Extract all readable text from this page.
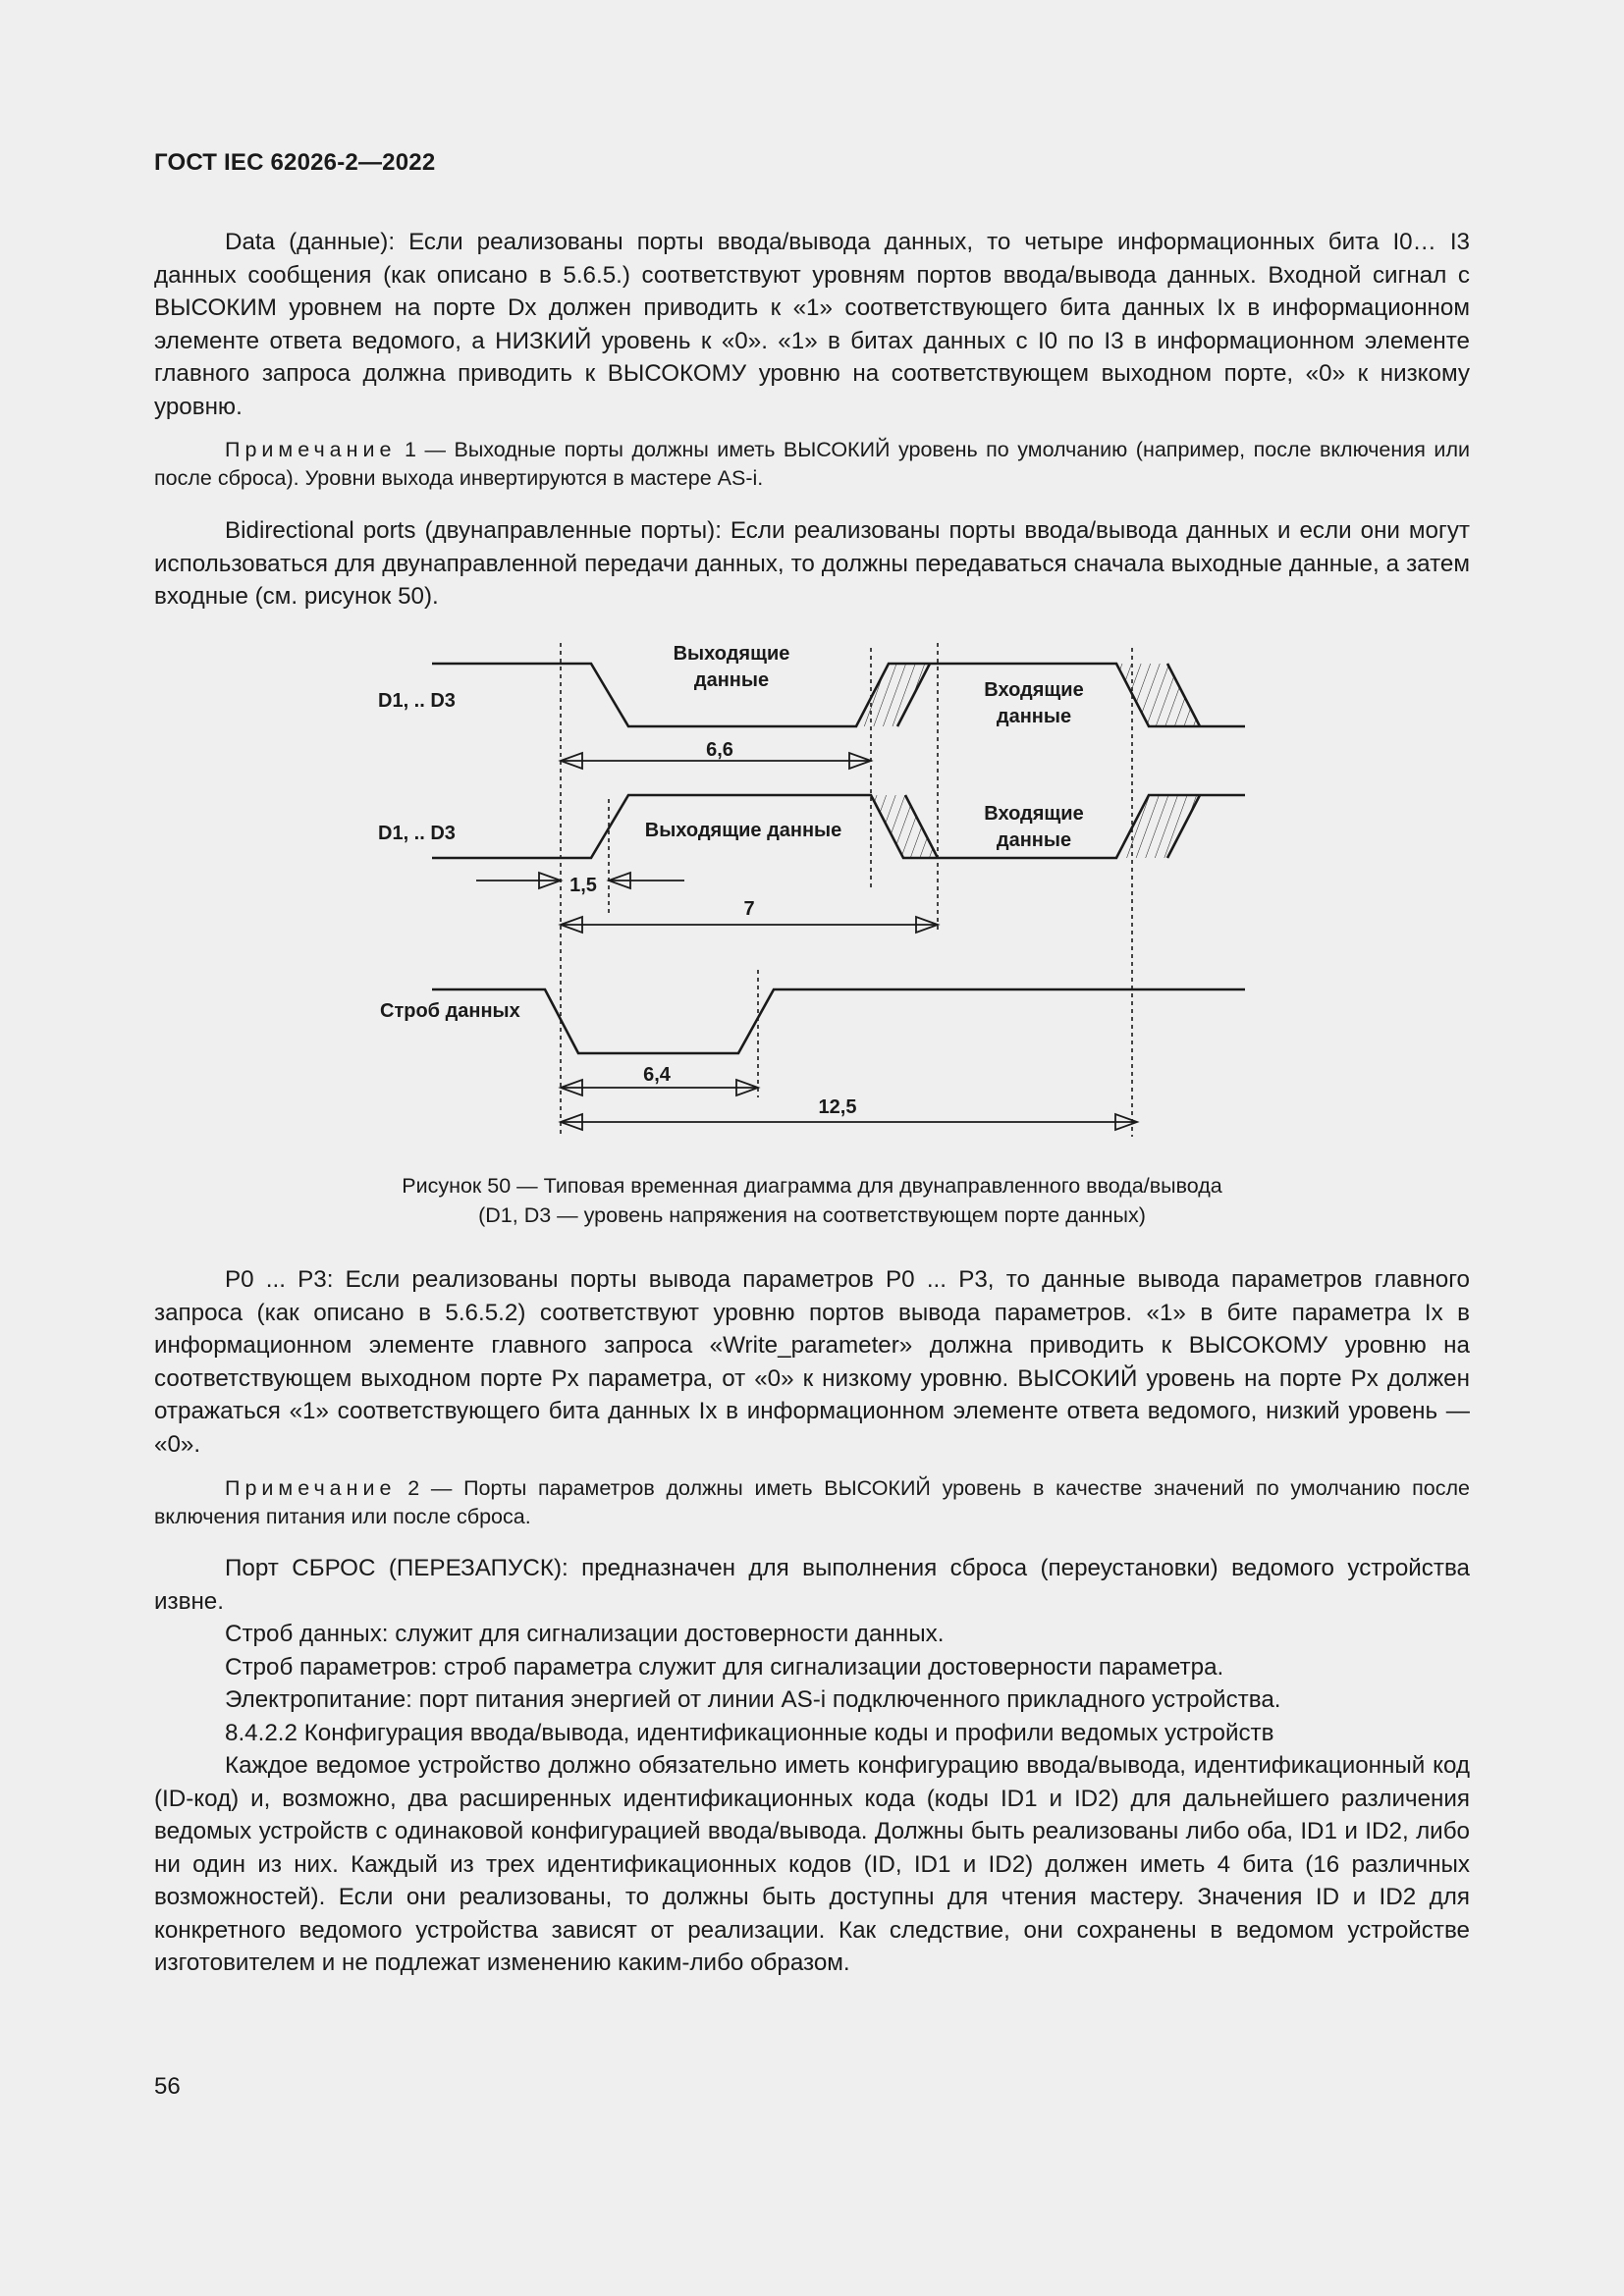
ГОСТ IEC 62026-2—2022

Data (данные): Если реализованы порты ввода/вывода данных, то четыре информационных бита I0… I3 данных сообщения (как описано в 5.6.5.) соответствуют уровням портов ввода/вывода данных. Входной сигнал с ВЫСОКИМ уровнем на порте Dx должен приводить к «1» соответствующего бита данных Ix в информационном элементе ответа ведомого, а НИЗКИЙ уровень к «0». «1» в битах данных с I0 по I3 в информационном элементе главного запроса должна приводить к ВЫСОКОМУ уровню на соответствующем выходном порте, «0» к низкому уровню.

Примечание 1 — Выходные порты должны иметь ВЫСОКИЙ уровень по умолчанию (например, после включения или после сброса). Уровни выхода инвертируются в мастере AS-i.

Bidirectional ports (двунаправленные порты): Если реализованы порты ввода/вывода данных и если они могут использоваться для двунаправленной передачи данных, то должны передаваться сначала выходные данные, а затем входные (см. рисунок 50).

D1, .. D3
Выходящие
данные	Входящие
данные
6,6
D1, .. D3	Выходящие данные
Входящие
данные
1,5
7
Строб данных
6,4
12,5
Рисунок 50 — Типовая временная диаграмма для двунаправленного ввода/вывода
(D1, D3 — уровень напряжения на соответствующем порте данных)

P0 ... P3: Если реализованы порты вывода параметров P0 ... P3, то данные вывода параметров главного запроса (как описано в 5.6.5.2) соответствуют уровню портов вывода параметров. «1» в бите параметра Ix в информационном элементе главного запроса «Write_parameter» должна приводить к ВЫСОКОМУ уровню на соответствующем выходном порте Px параметра, от «0» к низкому уровню. ВЫСОКИЙ уровень на порте Px должен отражаться «1» соответствующего бита данных Ix в информационном элементе ответа ведомого, низкий уровень — «0».

Примечание 2 — Порты параметров должны иметь ВЫСОКИЙ уровень в качестве значений по умолчанию после включения питания или после сброса.

Порт СБРОС (ПЕРЕЗАПУСК): предназначен для выполнения сброса (переустановки) ведомого устройства извне.

Строб данных: служит для сигнализации достоверности данных.

Строб параметров: строб параметра служит для сигнализации достоверности параметра.

Электропитание: порт питания энергией от линии AS-i подключенного прикладного устройства.

8.4.2.2 Конфигурация ввода/вывода, идентификационные коды и профили ведомых устройств

Каждое ведомое устройство должно обязательно иметь конфигурацию ввода/вывода, идентификационный код (ID-код) и, возможно, два расширенных идентификационных кода (коды ID1 и ID2) для дальнейшего различения ведомых устройств с одинаковой конфигурацией ввода/вывода. Должны быть реализованы либо оба, ID1 и ID2, либо ни один из них. Каждый из трех идентификационных кодов (ID, ID1 и ID2) должен иметь 4 бита (16 различных возможностей). Если они реализованы, то должны быть доступны для чтения мастеру. Значения ID и ID2 для конкретного ведомого устройства зависят от реализации. Как следствие, они сохранены в ведомом устройстве изготовителем и не подлежат изменению каким-либо образом.

56
